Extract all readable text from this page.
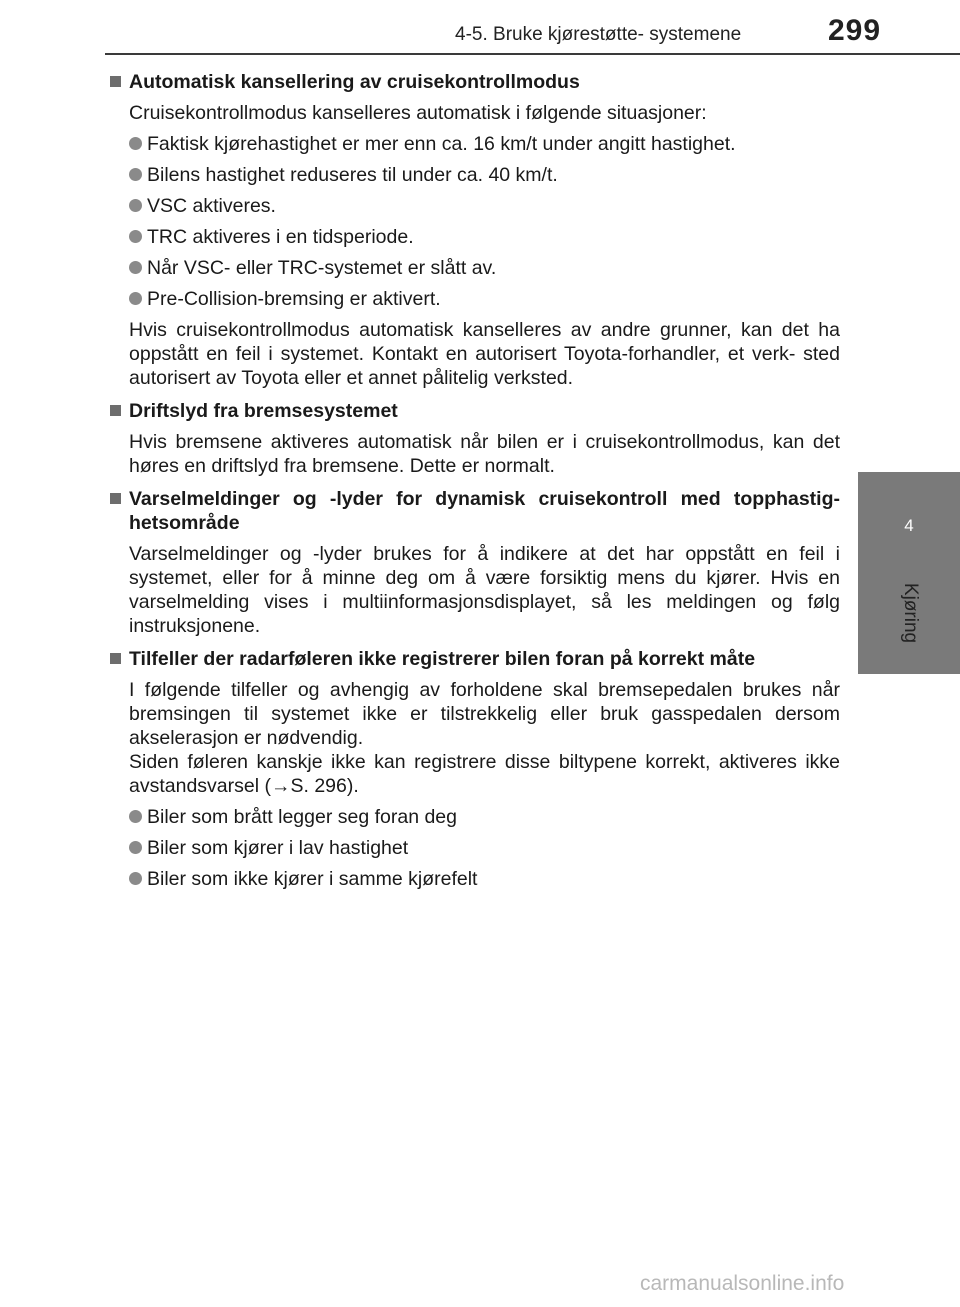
4-5. Bruke kjørestøtte- systemene	299
4
Kjøring
Automatisk kansellering av cruisekontrollmodus
Cruisekontrollmodus kanselleres automatisk i følgende situasjoner:
Faktisk kjørehastighet er mer enn ca. 16 km/t under angitt hastighet.
Bilens hastighet reduseres til under ca. 40 km/t.
VSC aktiveres.
TRC aktiveres i en tidsperiode.
Når VSC- eller TRC-systemet er slått av.
Pre-Collision-bremsing er aktivert.
Hvis cruisekontrollmodus automatisk kanselleres av andre grunner, kan det ha oppstått en feil i systemet. Kontakt en autorisert Toyota-forhandler, et verk- sted autorisert av Toyota eller et annet pålitelig verksted.
Driftslyd fra bremsesystemet
Hvis bremsene aktiveres automatisk når bilen er i cruisekontrollmodus, kan det høres en driftslyd fra bremsene. Dette er normalt.
Varselmeldinger og -lyder for dynamisk cruisekontroll med topphastig- hetsområde
Varselmeldinger og -lyder brukes for å indikere at det har oppstått en feil i systemet, eller for å minne deg om å være forsiktig mens du kjører. Hvis en varselmelding vises i multiinformasjonsdisplayet, så les meldingen og følg instruksjonene.
Tilfeller der radarføleren ikke registrerer bilen foran på korrekt måte
I følgende tilfeller og avhengig av forholdene skal bremsepedalen brukes når bremsingen til systemet ikke er tilstrekkelig eller bruk gasspedalen dersom akselerasjon er nødvendig.
Siden føleren kanskje ikke kan registrere disse biltypene korrekt, aktiveres ikke avstandsvarsel (→S. 296).
Biler som brått legger seg foran deg
Biler som kjører i lav hastighet
Biler som ikke kjører i samme kjørefelt
carmanualsonline.info
